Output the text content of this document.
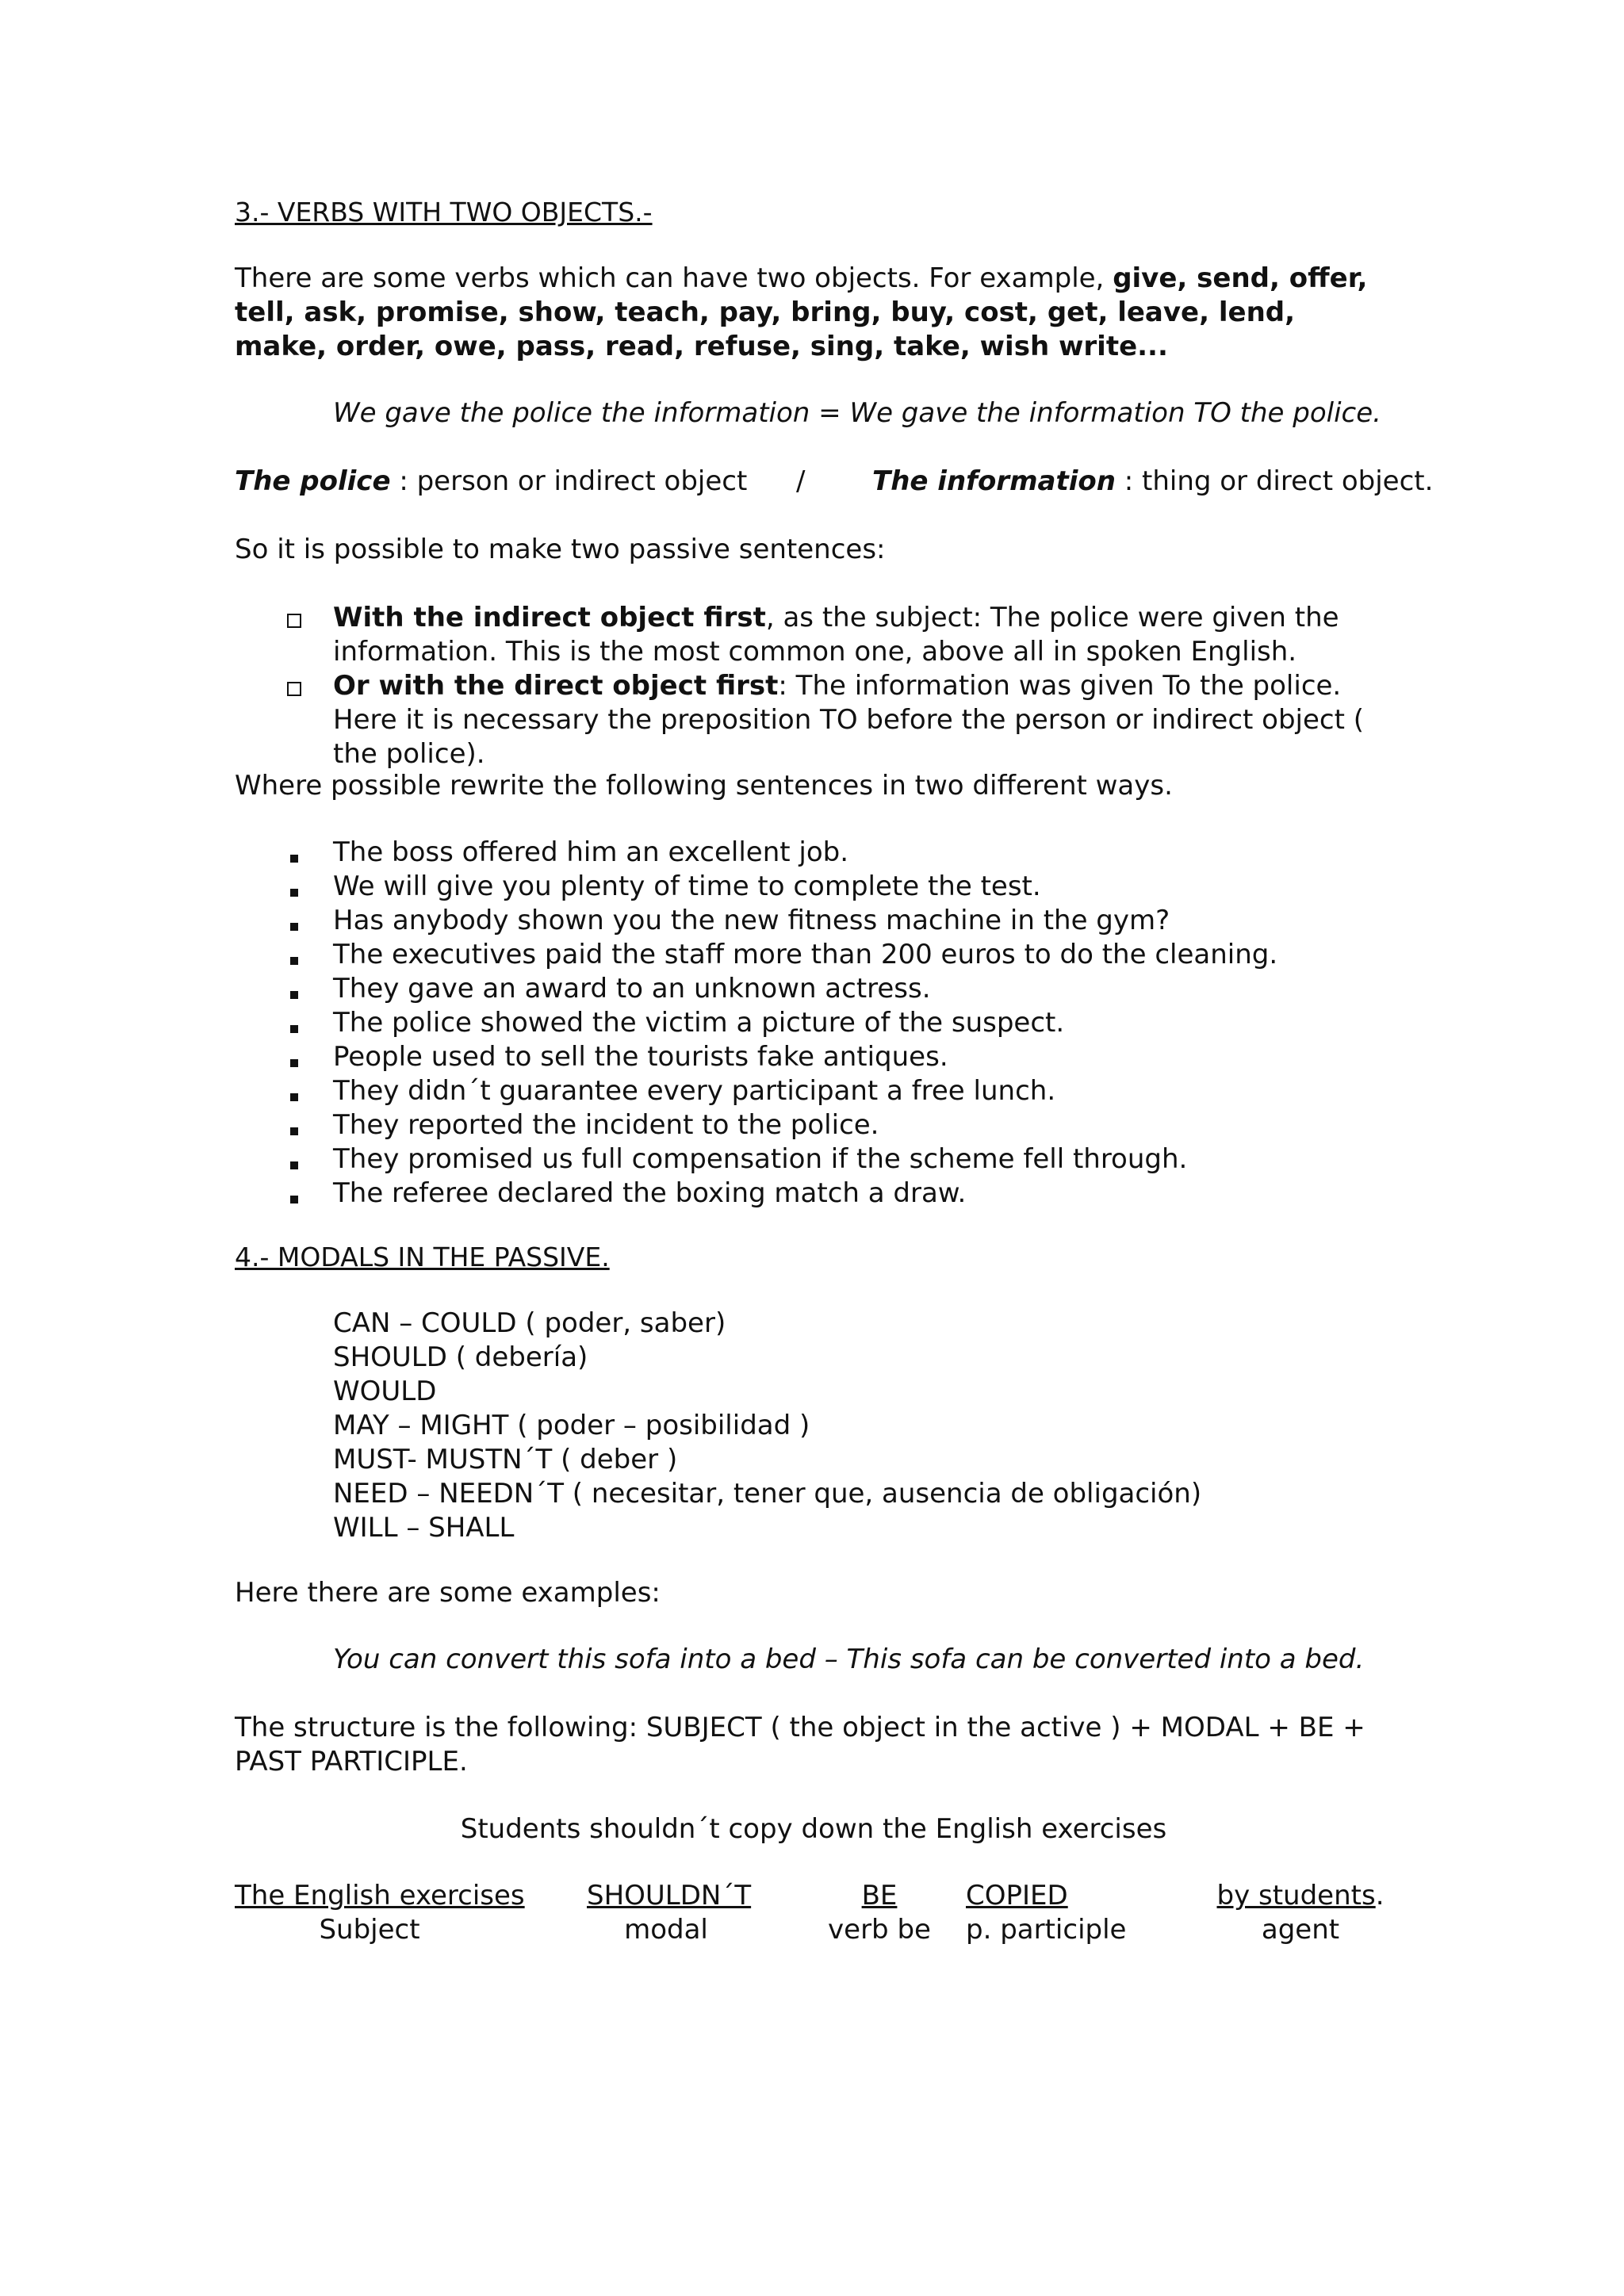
3.- VERBS WITH TWO OBJECTS.-

There are some verbs which can have two objects. For example, give, send, offer, tell, ask, promise, show, teach, pay, bring, buy, cost, get, leave, lend, make, order, owe, pass, read, refuse, sing, take, wish write...

We gave the police the information = We gave the information TO the police.

The police : person or indirect object / The information : thing or direct object.

So it is possible to make two passive sentences:

With the indirect object first, as the subject: The police were given the information. This is the most common one, above all in spoken English.
Or with the direct object first: The information was given To the police. Here it is necessary the preposition TO before the person or indirect object ( the police).

Where possible rewrite the following sentences in two different ways.

The boss offered him an excellent job.
We will give you plenty of time to complete the test.
Has anybody shown you the new fitness machine in the gym?
The executives paid the staff more than 200 euros to do the cleaning.
They gave an award to an unknown actress.
The police showed the victim a picture of the suspect.
People used to sell the tourists fake antiques.
They didn´t guarantee every participant a free lunch.
They reported the incident to the police.
They promised us full compensation if the scheme fell through.
The referee declared the boxing match a draw.

4.- MODALS IN THE PASSIVE.

CAN – COULD ( poder, saber)
SHOULD ( debería)
WOULD
MAY – MIGHT ( poder – posibilidad )
MUST- MUSTN´T ( deber )
NEED – NEEDN´T ( necesitar, tener que, ausencia de obligación)
WILL – SHALL

Here there are some examples:

You can convert this sofa into a bed – This sofa can be converted into a bed.

The structure is the following: SUBJECT ( the object in the active ) + MODAL + BE + PAST PARTICIPLE.

Students shouldn´t copy down the English exercises

The English exercises
Subject
SHOULDN´T
modal
BE
verb be
COPIED
p. participle
by students.
agent
